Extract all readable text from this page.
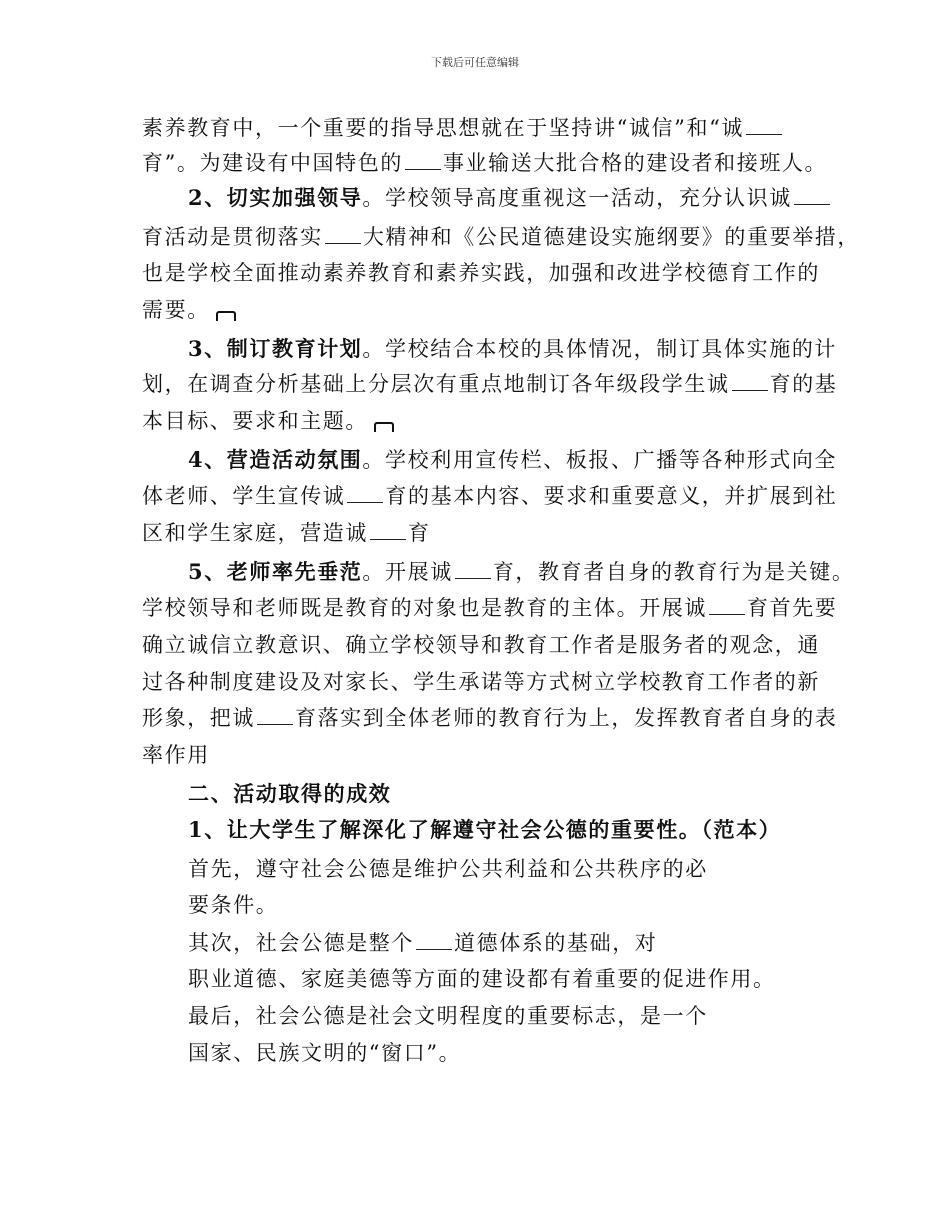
下载后可任意编辑
素养教育中，一个重要的指导思想就在于坚持讲“诚信”和“诚
育”。为建设有中国特色的 事业输送大批合格的建设者和接班人。
2、切实加强领导。学校领导高度重视这一活动，充分认识诚
育活动是贯彻落实 大精神和《公民道德建设实施纲要》的重要举措，
也是学校全面推动素养教育和素养实践，加强和改进学校德育工作的
需要。
3、制订教育计划。学校结合本校的具体情况，制订具体实施的计
划，在调查分析基础上分层次有重点地制订各年级段学生诚 育的基
本目标、要求和主题。
4、营造活动氛围。学校利用宣传栏、板报、广播等各种形式向全
体老师、学生宣传诚 育的基本内容、要求和重要意义，并扩展到社
区和学生家庭，营造诚 育
5、老师率先垂范。开展诚 育，教育者自身的教育行为是关键。
学校领导和老师既是教育的对象也是教育的主体。开展诚 育首先要
确立诚信立教意识、确立学校领导和教育工作者是服务者的观念，通
过各种制度建设及对家长、学生承诺等方式树立学校教育工作者的新
形象，把诚 育落实到全体老师的教育行为上，发挥教育者自身的表
率作用
二、活动取得的成效
1、让大学生了解深化了解遵守社会公德的重要性。（范本）
首先，遵守社会公德是维护公共利益和公共秩序的必
要条件。
其次，社会公德是整个 道德体系的基础，对
职业道德、家庭美德等方面的建设都有着重要的促进作用。
最后，社会公德是社会文明程度的重要标志，是一个
国家、民族文明的“窗口”。
